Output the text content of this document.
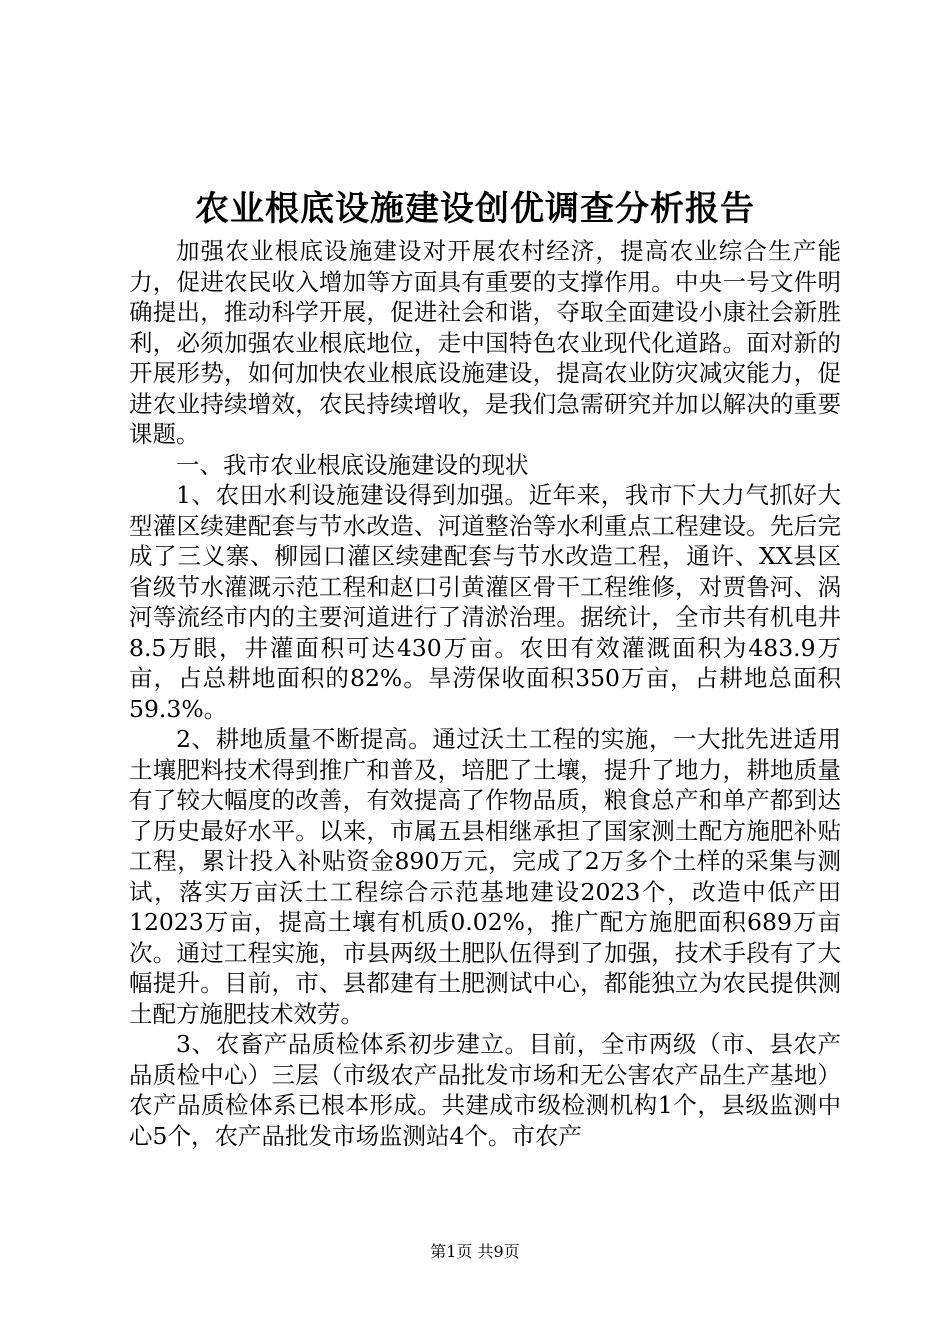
农业根底设施建设创优调查分析报告

加强农业根底设施建设对开展农村经济，提高农业综合生产能力，促进农民收入增加等方面具有重要的支撑作用。中央一号文件明确提出，推动科学开展，促进社会和谐，夺取全面建设小康社会新胜利，必须加强农业根底地位，走中国特色农业现代化道路。面对新的开展形势，如何加快农业根底设施建设，提高农业防灾减灾能力，促进农业持续增效，农民持续增收，是我们急需研究并加以解决的重要课题。

一、我市农业根底设施建设的现状

1、农田水利设施建设得到加强。近年来，我市下大力气抓好大型灌区续建配套与节水改造、河道整治等水利重点工程建设。先后完成了三义寨、柳园口灌区续建配套与节水改造工程，通许、XX县区省级节水灌溉示范工程和赵口引黄灌区骨干工程维修，对贾鲁河、涡河等流经市内的主要河道进行了清淤治理。据统计，全市共有机电井8.5万眼，井灌面积可达430万亩。农田有效灌溉面积为483.9万亩，占总耕地面积的82%。旱涝保收面积350万亩，占耕地总面积59.3%。

2、耕地质量不断提高。通过沃土工程的实施，一大批先进适用土壤肥料技术得到推广和普及，培肥了土壤，提升了地力，耕地质量有了较大幅度的改善，有效提高了作物品质，粮食总产和单产都到达了历史最好水平。以来，市属五县相继承担了国家测土配方施肥补贴工程，累计投入补贴资金890万元，完成了2万多个土样的采集与测试，落实万亩沃土工程综合示范基地建设2023个，改造中低产田12023万亩，提高土壤有机质0.02%，推广配方施肥面积689万亩次。通过工程实施，市县两级土肥队伍得到了加强，技术手段有了大幅提升。目前，市、县都建有土肥测试中心，都能独立为农民提供测土配方施肥技术效劳。

3、农畜产品质检体系初步建立。目前，全市两级（市、县农产品质检中心）三层（市级农产品批发市场和无公害农产品生产基地）农产品质检体系已根本形成。共建成市级检测机构1个，县级监测中心5个，农产品批发市场监测站4个。市农产

第1页 共9页
